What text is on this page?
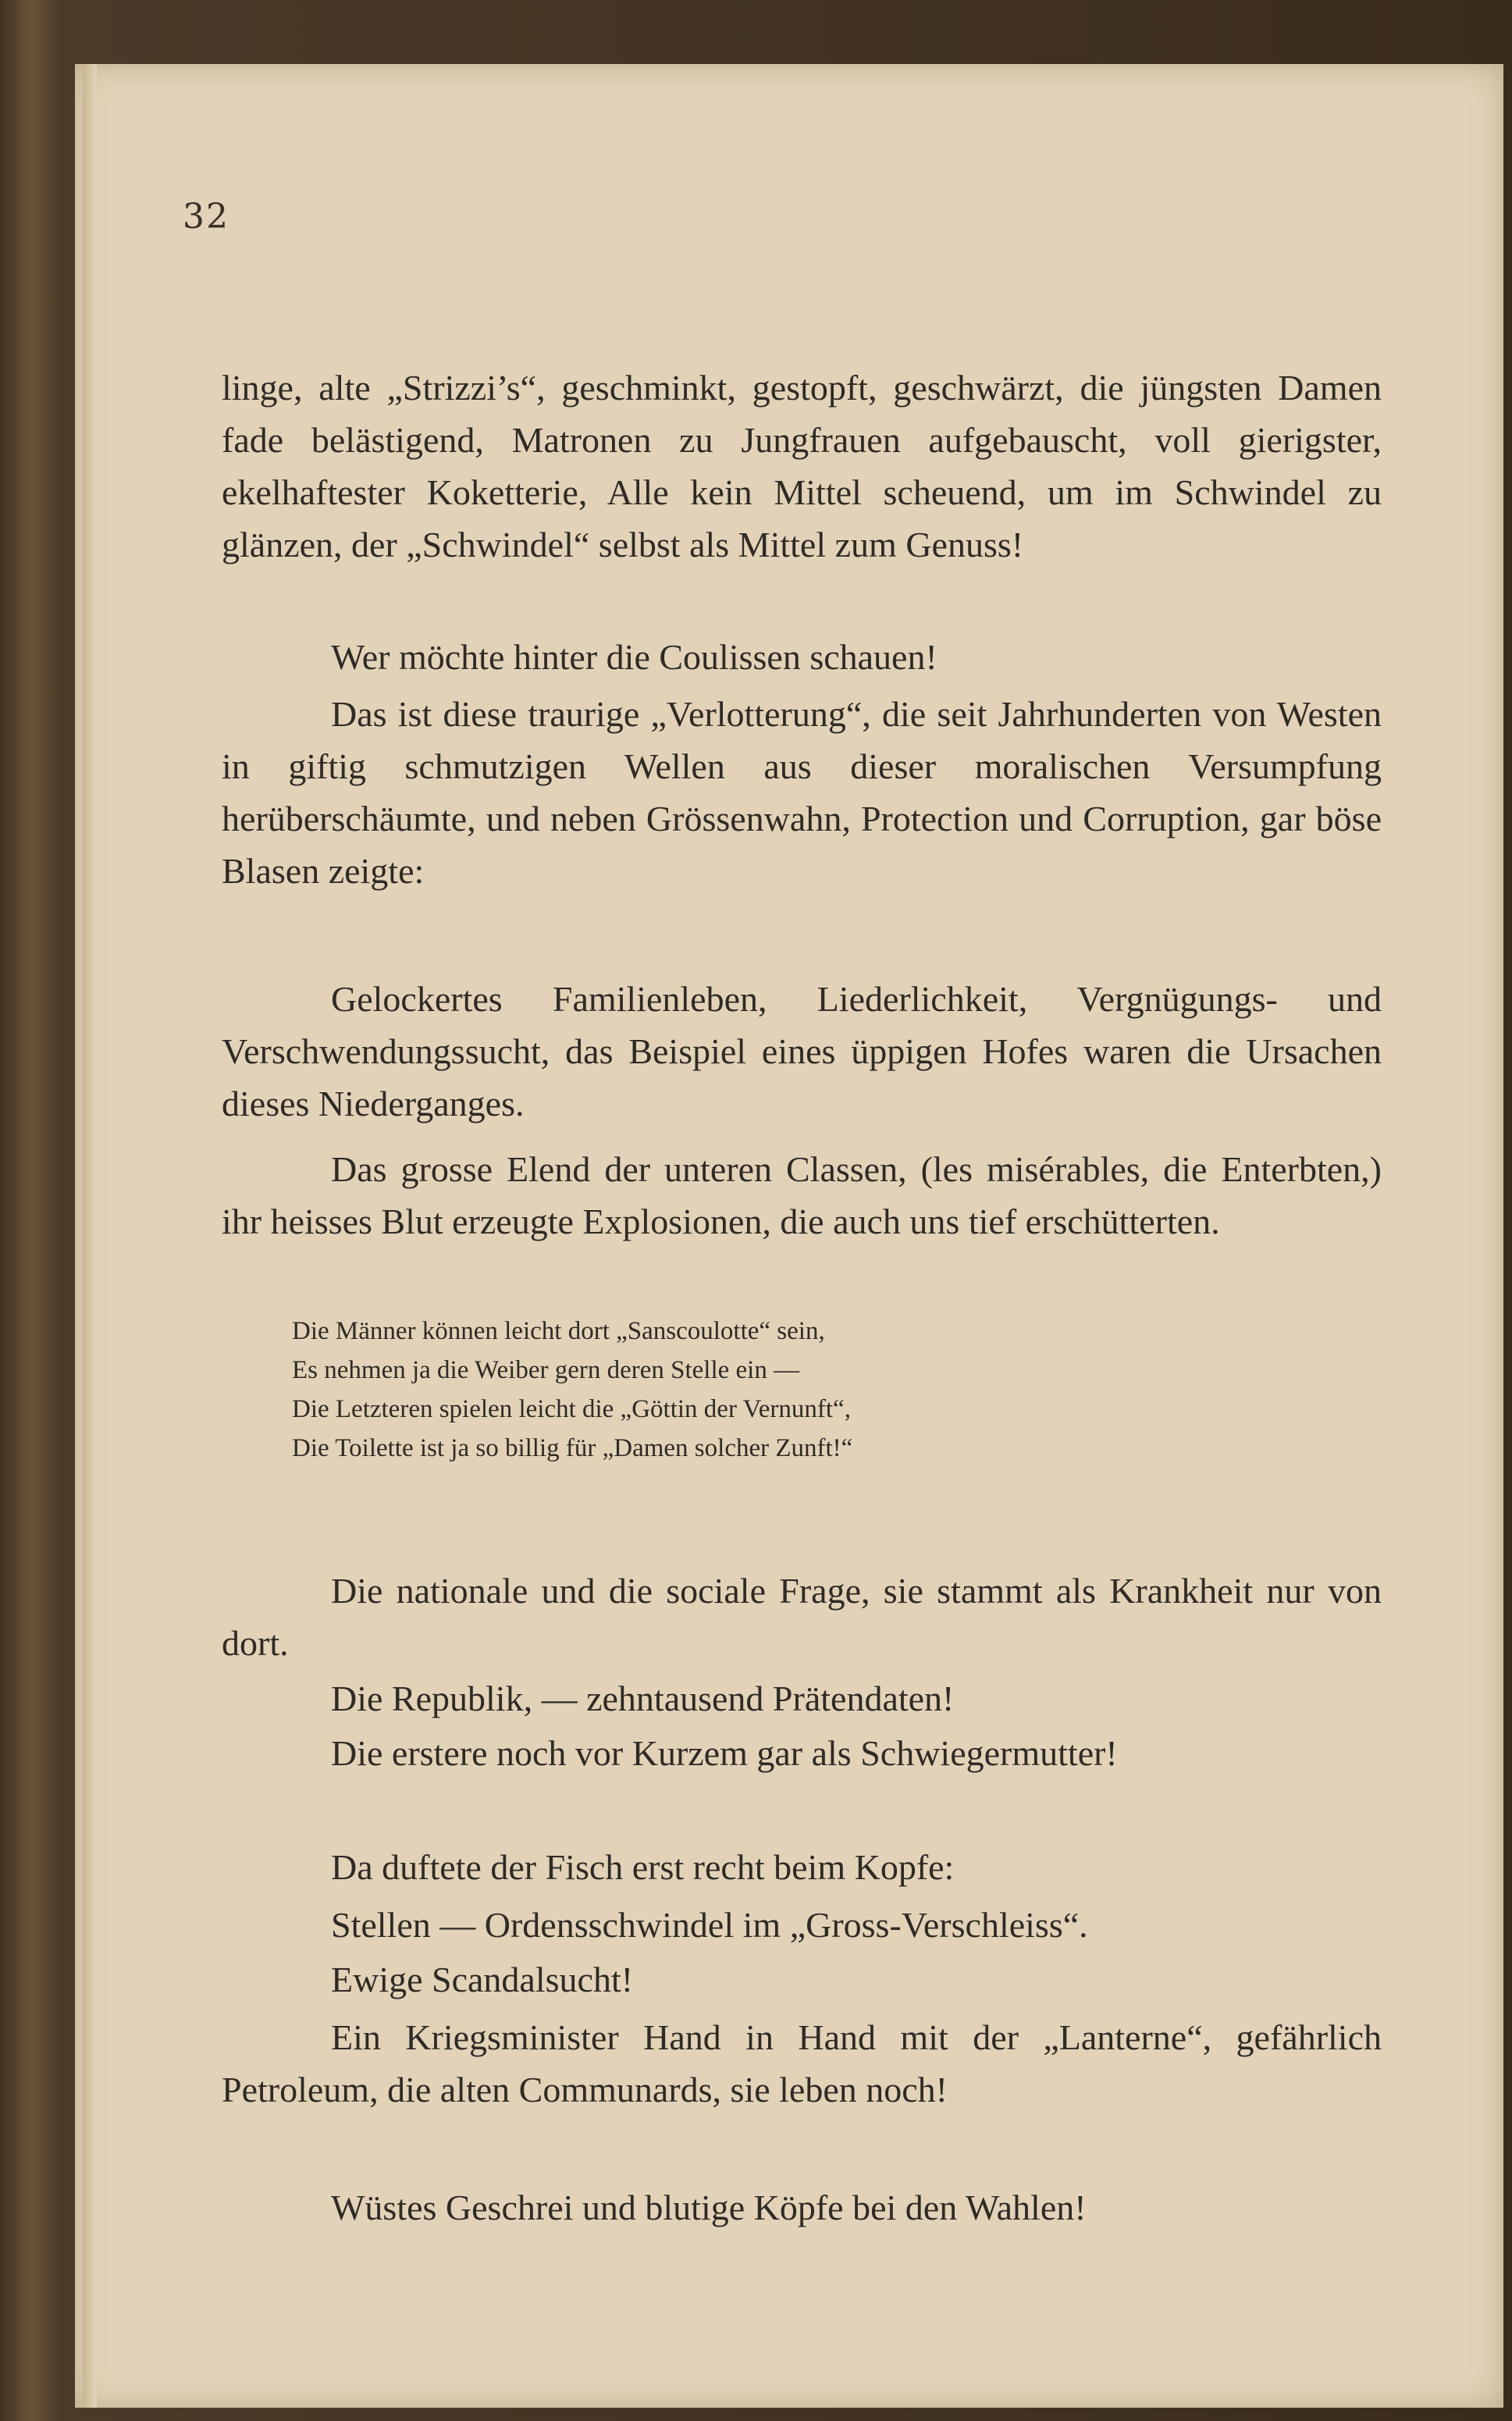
32

linge, alte „Strizzi’s“, geschminkt, gestopft, geschwärzt, die jüngsten Damen fade belästigend, Matronen zu Jungfrauen aufgebauscht, voll gierigster, ekelhaftester Koketterie, Alle kein Mittel scheuend, um im Schwindel zu glänzen, der „Schwindel“ selbst als Mittel zum Genuss!

Wer möchte hinter die Coulissen schauen!

Das ist diese traurige „Verlotterung“, die seit Jahrhunderten von Westen in giftig schmutzigen Wellen aus dieser moralischen Versumpfung herüberschäumte, und neben Grössenwahn, Protection und Corruption, gar böse Blasen zeigte:

Gelockertes Familienleben, Liederlichkeit, Vergnügungs- und Verschwendungssucht, das Beispiel eines üppigen Hofes waren die Ursachen dieses Niederganges.

Das grosse Elend der unteren Classen, (les misérables, die Enterbten,) ihr heisses Blut erzeugte Explosionen, die auch uns tief erschütterten.

Die Männer können leicht dort „Sanscoulotte“ sein,
Es nehmen ja die Weiber gern deren Stelle ein —
Die Letzteren spielen leicht die „Göttin der Vernunft“,
Die Toilette ist ja so billig für „Damen solcher Zunft!“

Die nationale und die sociale Frage, sie stammt als Krankheit nur von dort.

Die Republik, — zehntausend Prätendaten!

Die erstere noch vor Kurzem gar als Schwiegermutter!

Da duftete der Fisch erst recht beim Kopfe:

Stellen — Ordensschwindel im „Gross-Verschleiss“.

Ewige Scandalsucht!

Ein Kriegsminister Hand in Hand mit der „Lanterne“, gefährlich Petroleum, die alten Communards, sie leben noch!

Wüstes Geschrei und blutige Köpfe bei den Wahlen!
